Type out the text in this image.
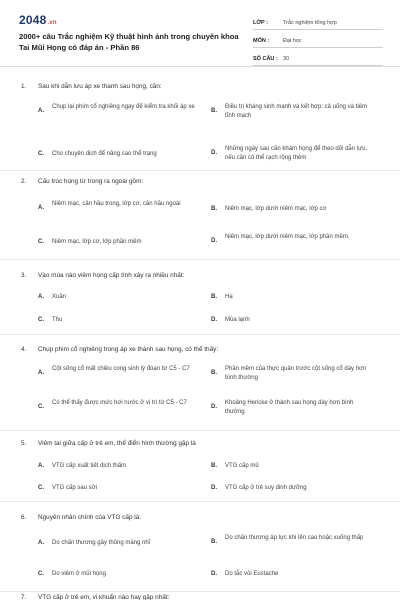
2048.vn
2000+ câu Trắc nghiệm Kỹ thuật hình ảnh trong chuyên khoa Tai Mũi Họng có đáp án - Phần 86
LỚP :	Trắc nghiệm tổng hợp
MÔN :	Đại học
SỐ CÂU : 30
1.	Sau khi dẫn lưu áp xe thanh sau họng, cần:
A.
Chụp lại phim cổ nghiêng ngay để kiểm tra khối áp xe
B.
Điều trị kháng sinh mạnh và kết hợp: cả uống và tiêm tĩnh mạch
C.	Cho chuyên dịch để nâng cao thể trạng	D.
Những ngày sau cần khám họng để theo dõi dẫn lưu, nếu cần có thể rạch rộng thêm
2.	Cấu trúc họng từ trong ra ngoài gồm:
A.
Niêm mạc, cân hầu trong, lớp cơ, cân hầu ngoài
B.	Niêm mạc, lớp dưới niêm mạc, lớp cơ
C.	Niêm mạc, lớp cơ, lớp phần mềm	D.
Niêm mạc, lớp dưới niêm mạc, lớp phần mềm.
3.	Vào mùa nào viêm họng cấp tính xảy ra nhiều nhất:
A.	Xuân	B.	Hạ
C.	Thu	D.	Mùa lạnh
4.	Chụp phim cổ nghiêng trong áp xe thành sau họng, có thể thấy:
A.
Cột sống cổ mất chiều cong sinh lý đoạn từ C5 - C7
B.
Phần mềm của thực quản trước cột sống cổ dày hơn bình thường
C.
Có thể thấy được mức hơi nước ở vị trí từ C5 - C7
D.
Khoảng Hericke ở thành sau họng dày hơn bình thường
5.	Viêm tai giữa cấp ở trẻ em, thể điển hình thường gặp là
A.	VTG cấp xuất tiết dịch thấm	B.	VTG cấp mủ
C.	VTG cấp sau sởi	D.	VTG cấp ở trẻ suy dinh dưỡng
6.	Nguyên nhân chính của VTG cấp là:
A.	Do chấn thương gây thủng màng nhĩ	B.
Do chấn thương áp lực khi lên cao hoặc xuống thấp
C.	Do viêm ở mũi họng	D.	Do tắc vòi Eustache
7.	VTG cấp ở trẻ em, vi khuẩn nào hay gặp nhất:
